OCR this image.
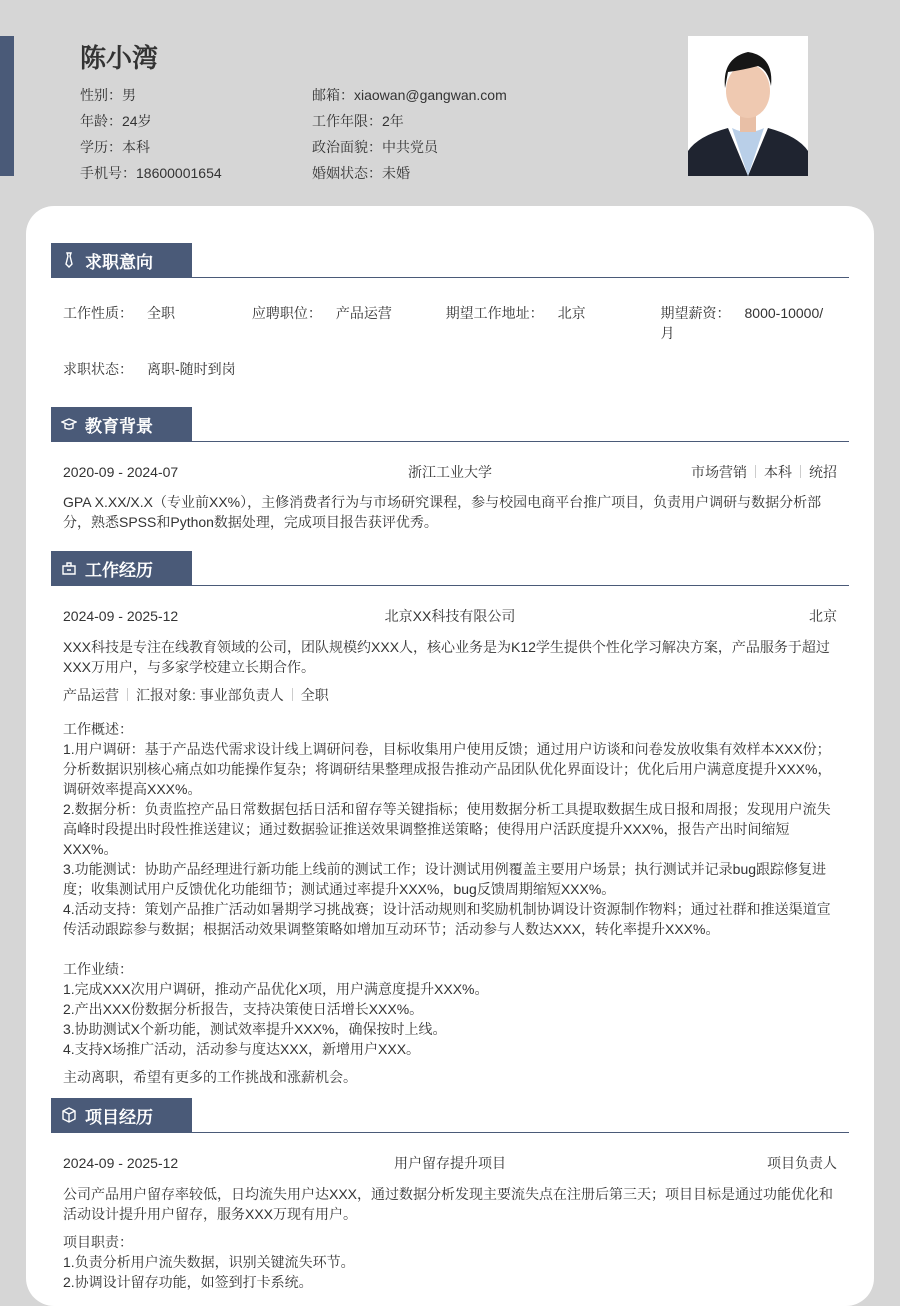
陈小湾
性别：男
年龄：24岁
学历：本科
手机号：18600001654
邮箱：xiaowan@gangwan.com
工作年限：2年
政治面貌：中共党员
婚姻状态：未婚
求职意向
工作性质： 全职	应聘职位： 产品运营	期望工作地址： 北京	期望薪资： 8000-10000/月
求职状态： 离职-随时到岗
教育背景
2020-09 - 2024-07	浙江工业大学	市场营销 本科 统招

GPA X.XX/X.X（专业前XX%），主修消费者行为与市场研究课程，参与校园电商平台推广项目，负责用户调研与数据分析部分，熟悉SPSS和Python数据处理，完成项目报告获评优秀。

工作经历
2024-09 - 2025-12	北京XX科技有限公司	北京

XXX科技是专注在线教育领域的公司，团队规模约XXX人，核心业务是为K12学生提供个性化学习解决方案，产品服务于超过XXX万用户，与多家学校建立长期合作。

产品运营 汇报对象: 事业部负责人 全职

工作概述：

1.用户调研：基于产品迭代需求设计线上调研问卷，目标收集用户使用反馈；通过用户访谈和问卷发放收集有效样本XXX份；分析数据识别核心痛点如功能操作复杂；将调研结果整理成报告推动产品团队优化界面设计；优化后用户满意度提升XXX%，调研效率提高XXX%。

2.数据分析：负责监控产品日常数据包括日活和留存等关键指标；使用数据分析工具提取数据生成日报和周报；发现用户流失高峰时段提出时段性推送建议；通过数据验证推送效果调整推送策略；使得用户活跃度提升XXX%，报告产出时间缩短XXX%。

3.功能测试：协助产品经理进行新功能上线前的测试工作；设计测试用例覆盖主要用户场景；执行测试并记录bug跟踪修复进度；收集测试用户反馈优化功能细节；测试通过率提升XXX%，bug反馈周期缩短XXX%。

4.活动支持：策划产品推广活动如暑期学习挑战赛；设计活动规则和奖励机制协调设计资源制作物料；通过社群和推送渠道宣传活动跟踪参与数据；根据活动效果调整策略如增加互动环节；活动参与人数达XXX，转化率提升XXX%。

工作业绩：

1.完成XXX次用户调研，推动产品优化X项，用户满意度提升XXX%。

2.产出XXX份数据分析报告，支持决策使日活增长XXX%。

3.协助测试X个新功能，测试效率提升XXX%，确保按时上线。

4.支持X场推广活动，活动参与度达XXX，新增用户XXX。

主动离职，希望有更多的工作挑战和涨薪机会。

项目经历
2024-09 - 2025-12	用户留存提升项目	项目负责人

公司产品用户留存率较低，日均流失用户达XXX，通过数据分析发现主要流失点在注册后第三天；项目目标是通过功能优化和活动设计提升用户留存，服务XXX万现有用户。

项目职责：

1.负责分析用户流失数据，识别关键流失环节。

2.协调设计留存功能，如签到打卡系统。
